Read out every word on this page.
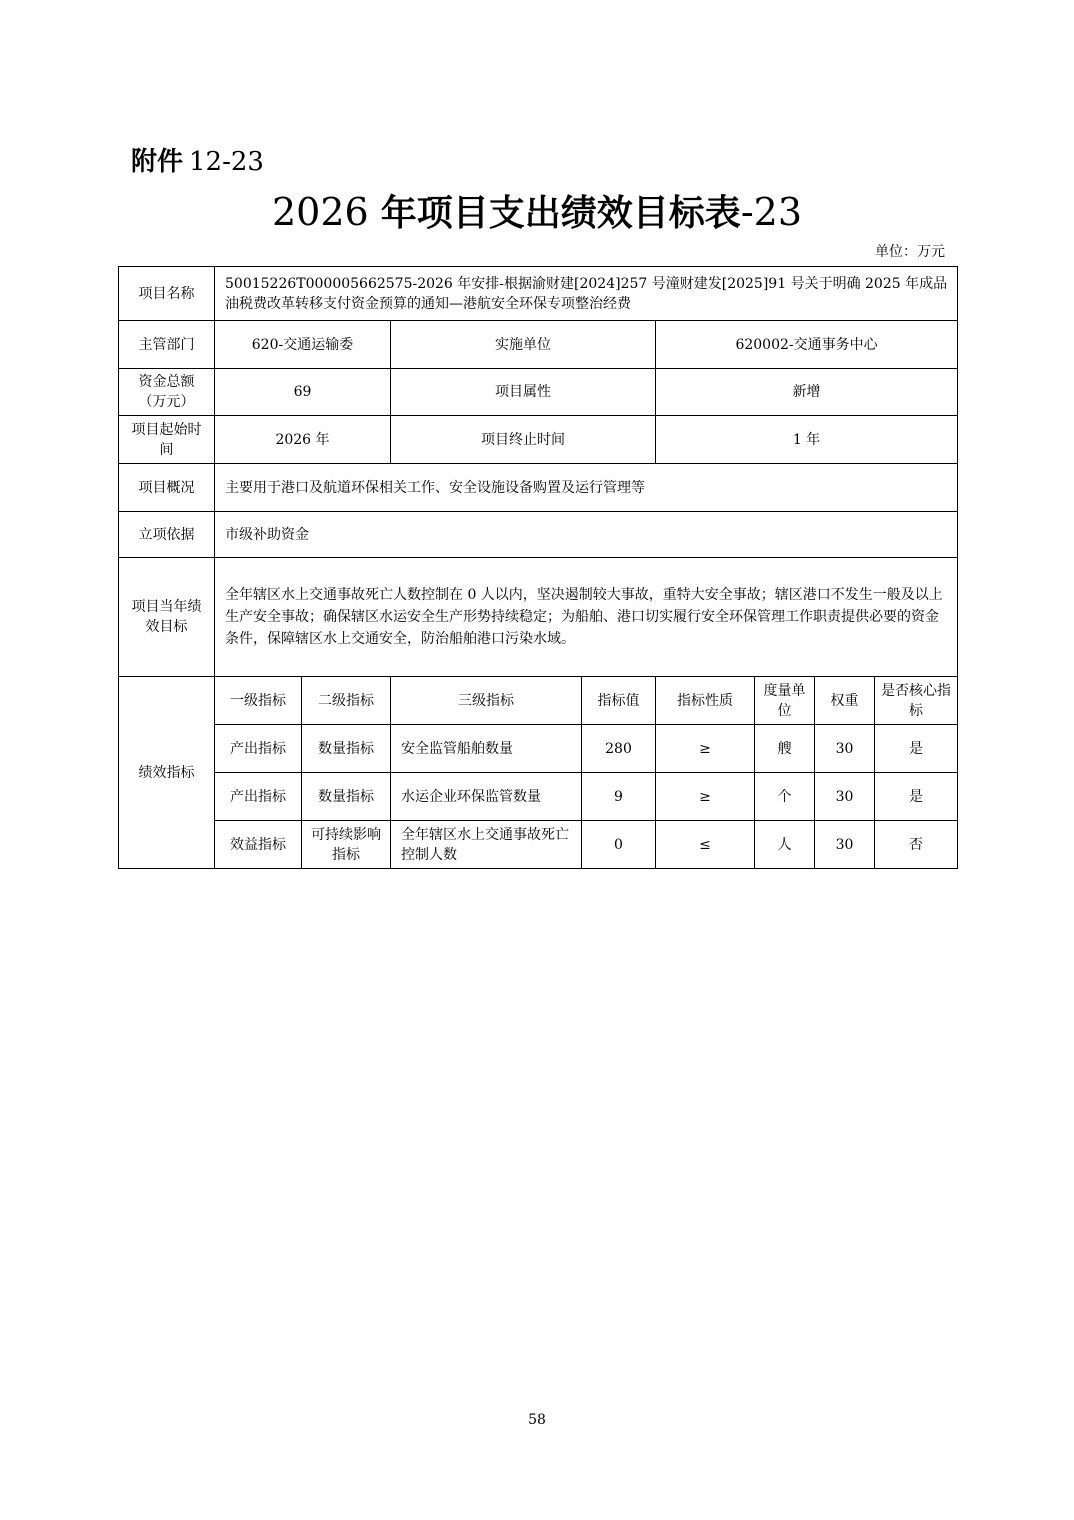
附件 12-23
2026 年项目支出绩效目标表-23
单位：万元
项目名称	50015226T000005662575-2026 年安排-根据渝财建[2024]257 号潼财建发[2025]91 号关于明确 2025 年成品油税费改革转移支付资金预算的通知—港航安全环保专项整治经费							
主管部门	620-交通运输委		实施单位		620002-交通事务中心			
资金总额（万元）	69		项目属性		新增			
项目起始时间	2026 年		项目终止时间		1 年			
项目概况	主要用于港口及航道环保相关工作、安全设施设备购置及运行管理等							
立项依据	市级补助资金							
项目当年绩效目标	全年辖区水上交通事故死亡人数控制在 0 人以内，坚决遏制较大事故，重特大安全事故；辖区港口不发生一般及以上生产安全事故；确保辖区水运安全生产形势持续稳定；为船舶、港口切实履行安全环保管理工作职责提供必要的资金条件，保障辖区水上交通安全，防治船舶港口污染水域。							
绩效指标	一级指标	二级指标	三级指标	指标值	指标性质	度量单位	权重	是否核心指标
	产出指标	数量指标	安全监管船舶数量	280	≥	艘	30	是
	产出指标	数量指标	水运企业环保监管数量	9	≥	个	30	是
	效益指标	可持续影响指标	全年辖区水上交通事故死亡控制人数	0	≤	人	30	否
58
